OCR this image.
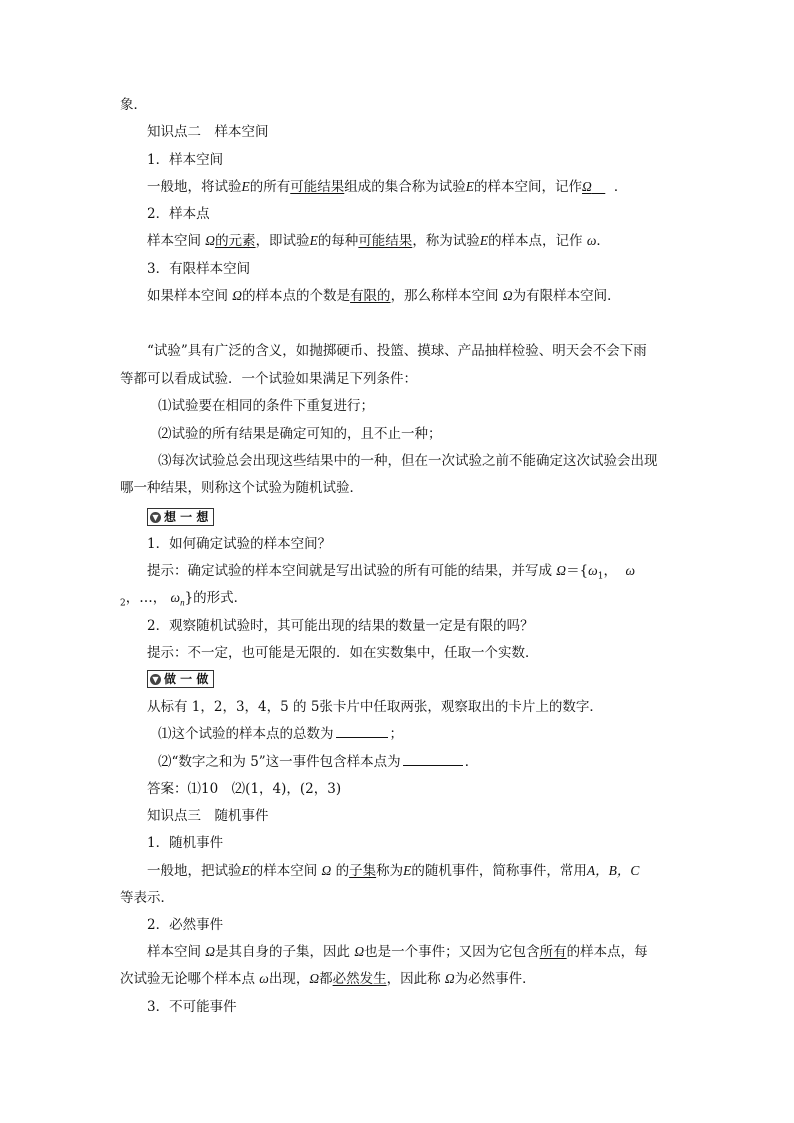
象．
知识点二　样本空间
1．样本空间
一般地，将试验E的所有可能结果组成的集合称为试验E的样本空间，记作Ω      ．
2．样本点
样本空间 Ω的元素，即试验E的每种可能结果，称为试验E的样本点，记作 ω．
3．有限样本空间
如果样本空间 Ω的样本点的个数是有限的，那么称样本空间 Ω为有限样本空间．
“试验”具有广泛的含义，如抛掷硬币、投篮、摸球、产品抽样检验、明天会不会下雨
等都可以看成试验．一个试验如果满足下列条件：
⑴试验要在相同的条件下重复进行；
⑵试验的所有结果是确定可知的，且不止一种；
⑶每次试验总会出现这些结果中的一种，但在一次试验之前不能确定这次试验会出现
哪一种结果，则称这个试验为随机试验．
▼ 想 一 想
1．如何确定试验的样本空间？
提示：确定试验的样本空间就是写出试验的所有可能的结果，并写成 $\Omega=\{\omega_1$，  ω
$_2$，…， $\omega_n$}的形式．
2．观察随机试验时，其可能出现的结果的数量一定是有限的吗？
提示：不一定，也可能是无限的．如在实数集中，任取一个实数．
▼ 做 一 做
从标有 1，2，3，4，5 的 5张卡片中任取两张，观察取出的卡片上的数字．
⑴这个试验的样本点的总数为	；
⑵“数字之和为 5”这一事件包含样本点为	．
答案：⑴10　⑵(1，4)，(2，3)
知识点三　随机事件
1．随机事件
一般地，把试验E的样本空间 Ω 的子集称为E的随机事件，简称事件，常用A，B，C
等表示．
2．必然事件
样本空间 Ω是其自身的子集，因此 Ω也是一个事件；又因为它包含所有的样本点，每
次试验无论哪个样本点 ω出现，Ω都必然发生，因此称 Ω为必然事件．
3．不可能事件
